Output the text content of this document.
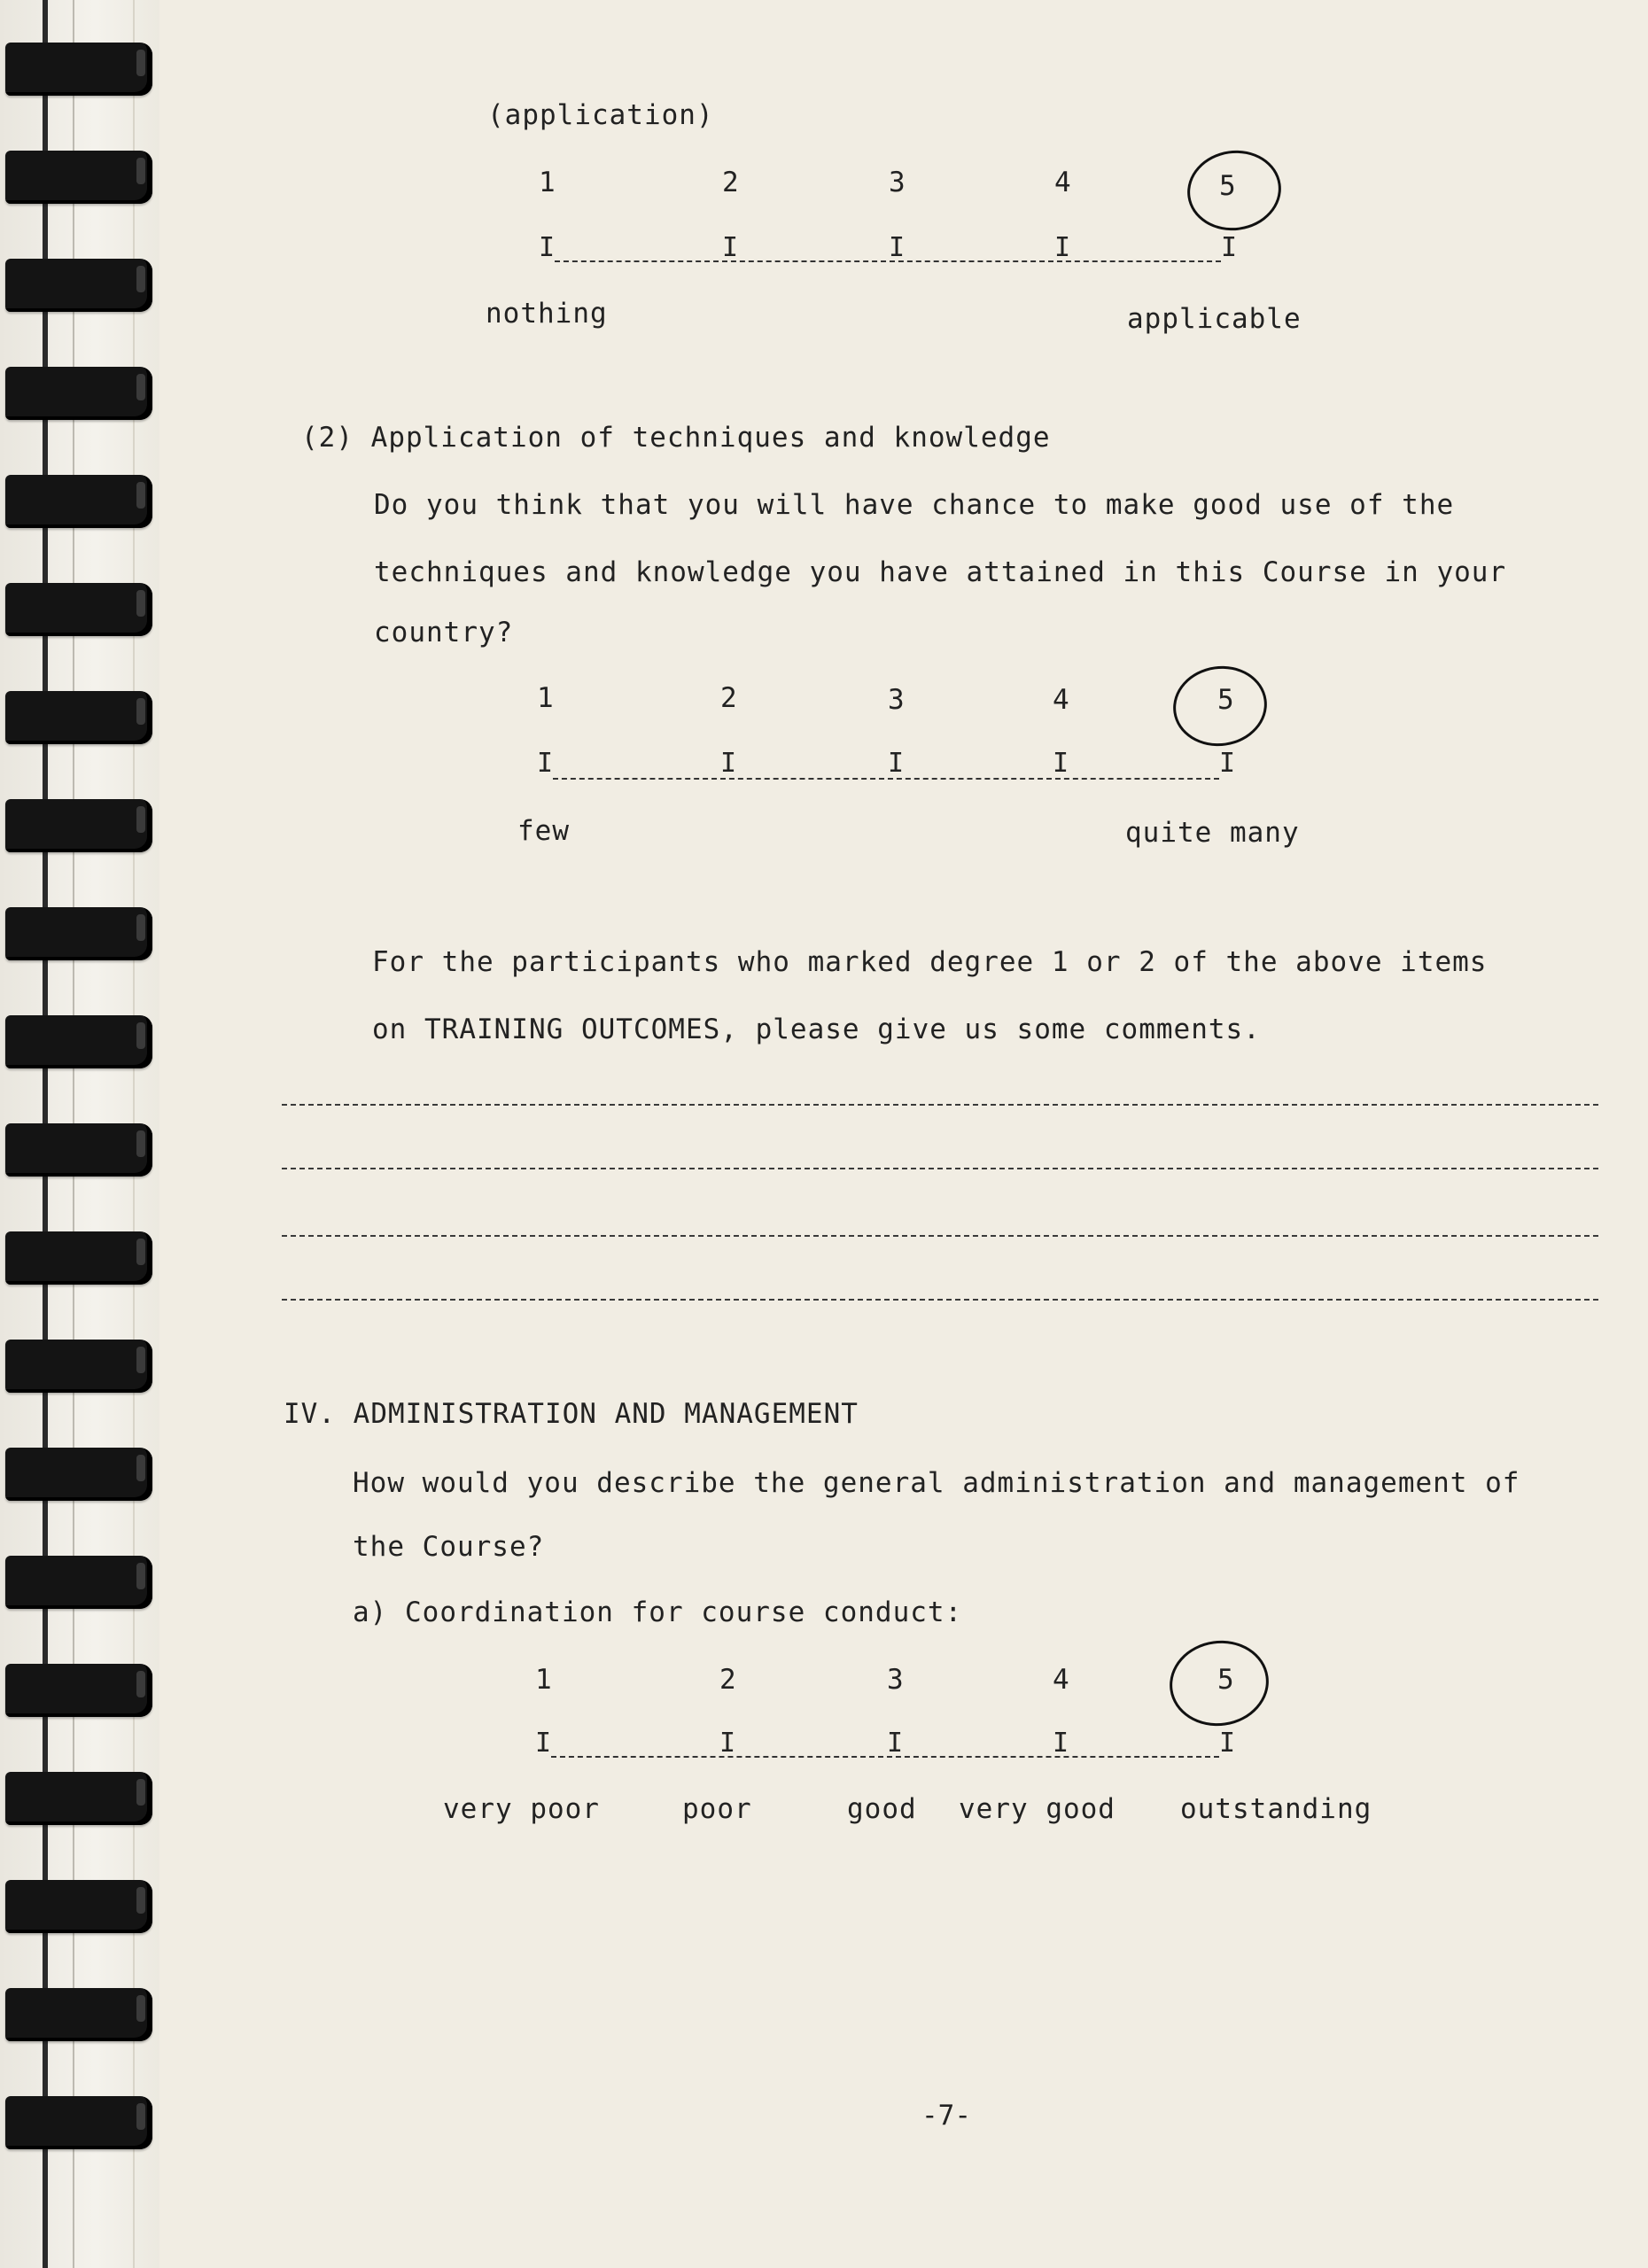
(application)
1	2	3	4	5
I	I	I	I	I
nothing	applicable
(2) Application of techniques and knowledge
Do you think that you will have chance to make good use of the
techniques and knowledge you have attained in this Course in your
country?
1	2	3	4	5
I	I	I	I	I
few	quite many
For the participants who marked degree 1 or 2 of the above items
on TRAINING OUTCOMES, please give us some comments.
IV. ADMINISTRATION AND MANAGEMENT
How would you describe the general administration and management of
the Course?
a) Coordination for course conduct:
1	2	3	4	5
I	I	I	I	I
very poor	poor	good very good outstanding
-7-
